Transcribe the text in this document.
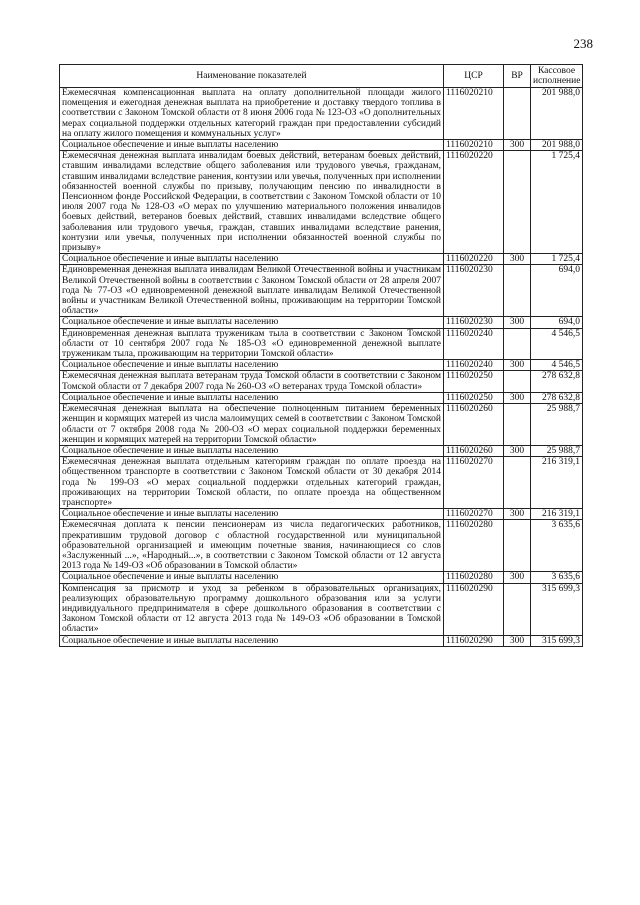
238
Наименование показателей	ЦСР	ВР	Кассовое исполнение
Ежемесячная компенсационная выплата на оплату дополнительной площади жилого помещения и ежегодная денежная выплата на приобретение и доставку твердого топлива в соответствии с Законом Томской области от 8 июня 2006 года № 123-ОЗ «О дополнительных мерах социальной поддержки отдельных категорий граждан при предоставлении субсидий на оплату жилого помещения и коммунальных услуг»	1116020210		201 988,0
Социальное обеспечение и иные выплаты населению	1116020210	300	201 988,0
Ежемесячная денежная выплата инвалидам боевых действий, ветеранам боевых действий, ставшим инвалидами вследствие общего заболевания или трудового увечья, гражданам, ставшим инвалидами вследствие ранения, контузии или увечья, полученных при исполнении обязанностей военной службы по призыву, получающим пенсию по инвалидности в Пенсионном фонде Российской Федерации, в соответствии с Законом Томской области от 10 июля 2007 года № 128-ОЗ «О мерах по улучшению материального положения инвалидов боевых действий, ветеранов боевых действий, ставших инвалидами вследствие общего заболевания или трудового увечья, граждан, ставших инвалидами вследствие ранения, контузии или увечья, полученных при исполнении обязанностей военной службы по призыву»	1116020220		1 725,4
Социальное обеспечение и иные выплаты населению	1116020220	300	1 725,4
Единовременная денежная выплата инвалидам Великой Отечественной войны и участникам Великой Отечественной войны в соответствии с Законом Томской области от 28 апреля 2007 года № 77-ОЗ «О единовременной денежной выплате инвалидам Великой Отечественной войны и участникам Великой Отечественной войны, проживающим на территории Томской области»	1116020230		694,0
Социальное обеспечение и иные выплаты населению	1116020230	300	694,0
Единовременная денежная выплата труженикам тыла в соответствии с Законом Томской области от 10 сентября 2007 года № 185-ОЗ «О единовременной денежной выплате труженикам тыла, проживающим на территории Томской области»	1116020240		4 546,5
Социальное обеспечение и иные выплаты населению	1116020240	300	4 546,5
Ежемесячная денежная выплата ветеранам труда Томской области в соответствии с Законом Томской области от 7 декабря 2007 года № 260-ОЗ «О ветеранах труда Томской области»	1116020250		278 632,8
Социальное обеспечение и иные выплаты населению	1116020250	300	278 632,8
Ежемесячная денежная выплата на обеспечение полноценным питанием беременных женщин и кормящих матерей из числа малоимущих семей в соответствии с Законом Томской области от 7 октября 2008 года № 200-ОЗ «О мерах социальной поддержки беременных женщин и кормящих матерей на территории Томской области»	1116020260		25 988,7
Социальное обеспечение и иные выплаты населению	1116020260	300	25 988,7
Ежемесячная денежная выплата отдельным категориям граждан по оплате проезда на общественном транспорте в соответствии с Законом Томской области от 30 декабря 2014 года № 199-ОЗ «О мерах социальной поддержки отдельных категорий граждан, проживающих на территории Томской области, по оплате проезда на общественном транспорте»	1116020270		216 319,1
Социальное обеспечение и иные выплаты населению	1116020270	300	216 319,1
Ежемесячная доплата к пенсии пенсионерам из числа педагогических работников, прекратившим трудовой договор с областной государственной или муниципальной образовательной организацией и имеющим почетные звания, начинающиеся со слов «Заслуженный ...», «Народный...», в соответствии с Законом Томской области от 12 августа 2013 года № 149-ОЗ «Об образовании в Томской области»	1116020280		3 635,6
Социальное обеспечение и иные выплаты населению	1116020280	300	3 635,6
Компенсация за присмотр и уход за ребенком в образовательных организациях, реализующих образовательную программу дошкольного образования или за услуги индивидуального предпринимателя в сфере дошкольного образования в соответствии с Законом Томской области от 12 августа 2013 года № 149-ОЗ «Об образовании в Томской области»	1116020290		315 699,3
Социальное обеспечение и иные выплаты населению	1116020290	300	315 699,3
